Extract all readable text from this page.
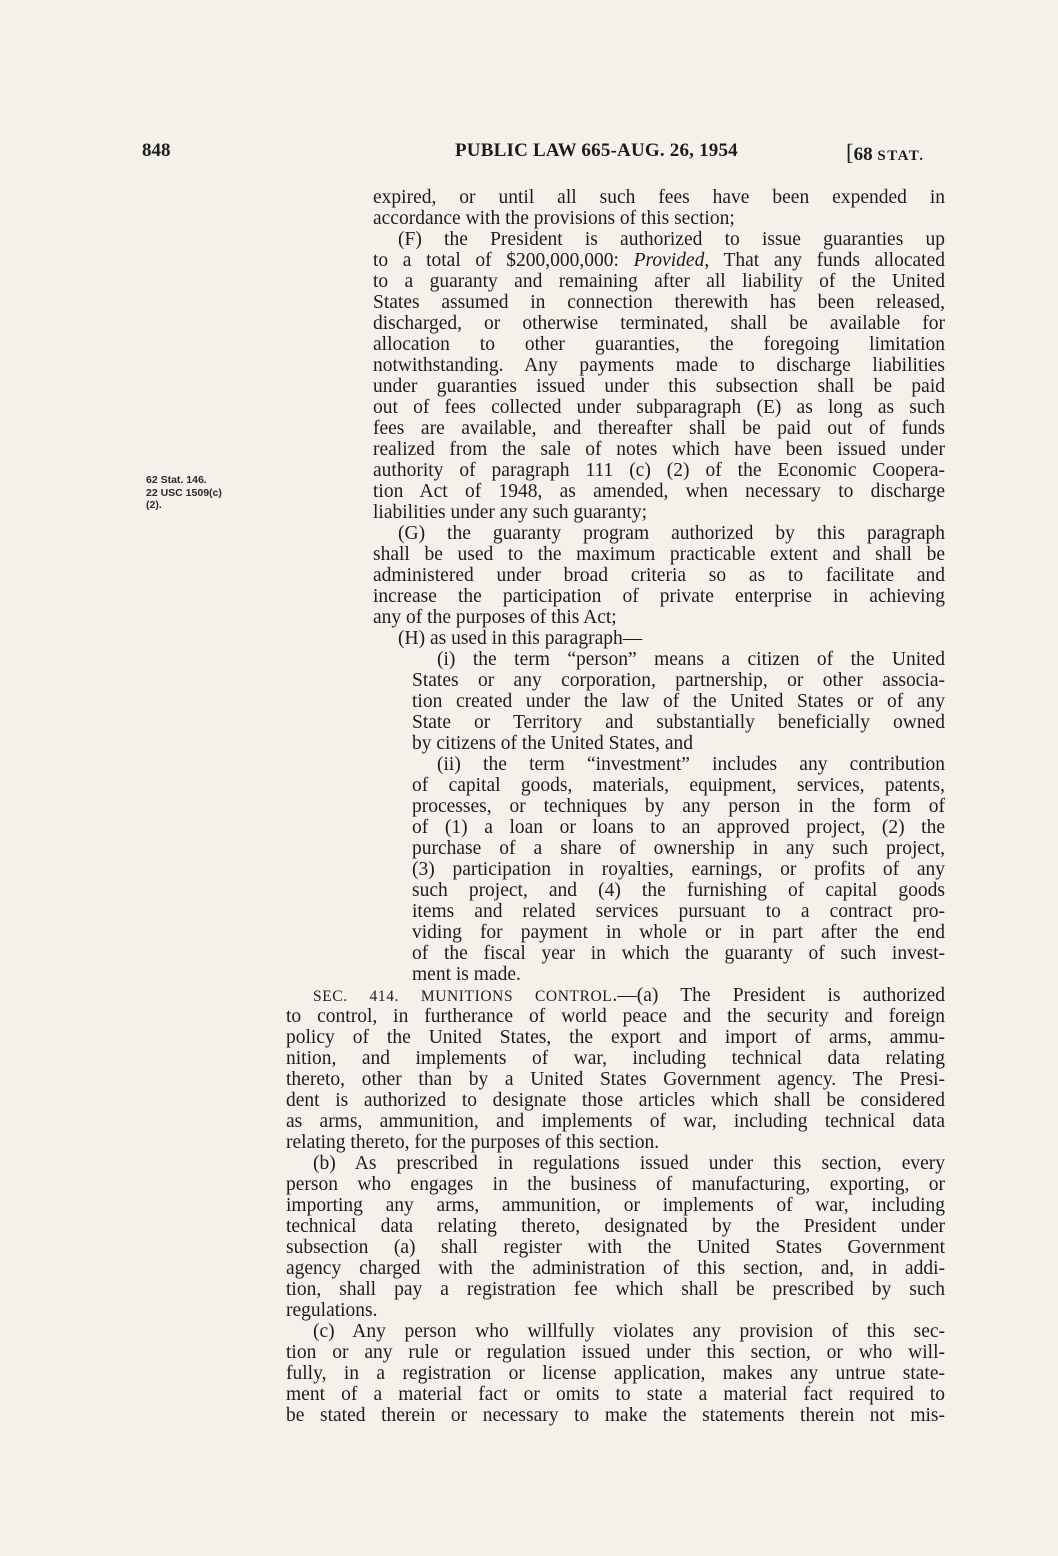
848	PUBLIC LAW 665-AUG. 26, 1954	[68 STAT.
62 Stat. 146.
22 USC 1509(c)
(2).
expired, or until all such fees have been expended in
accordance with the provisions of this section;
(F) the President is authorized to issue guaranties up
to a total of $200,000,000: Provided, That any funds allocated
to a guaranty and remaining after all liability of the United
States assumed in connection therewith has been released,
discharged, or otherwise terminated, shall be available for
allocation to other guaranties, the foregoing limitation
notwithstanding. Any payments made to discharge liabilities
under guaranties issued under this subsection shall be paid
out of fees collected under subparagraph (E) as long as such
fees are available, and thereafter shall be paid out of funds
realized from the sale of notes which have been issued under
authority of paragraph 111 (c) (2) of the Economic Coopera-
tion Act of 1948, as amended, when necessary to discharge
liabilities under any such guaranty;
(G) the guaranty program authorized by this paragraph
shall be used to the maximum practicable extent and shall be
administered under broad criteria so as to facilitate and
increase the participation of private enterprise in achieving
any of the purposes of this Act;
(H) as used in this paragraph—
(i) the term “person” means a citizen of the United
States or any corporation, partnership, or other associa-
tion created under the law of the United States or of any
State or Territory and substantially beneficially owned
by citizens of the United States, and
(ii) the term “investment” includes any contribution
of capital goods, materials, equipment, services, patents,
processes, or techniques by any person in the form of
of (1) a loan or loans to an approved project, (2) the
purchase of a share of ownership in any such project,
(3) participation in royalties, earnings, or profits of any
such project, and (4) the furnishing of capital goods
items and related services pursuant to a contract pro-
viding for payment in whole or in part after the end
of the fiscal year in which the guaranty of such invest-
ment is made.
SEC. 414. MUNITIONS CONTROL.—(a) The President is authorized
to control, in furtherance of world peace and the security and foreign
policy of the United States, the export and import of arms, ammu-
nition, and implements of war, including technical data relating
thereto, other than by a United States Government agency. The Presi-
dent is authorized to designate those articles which shall be considered
as arms, ammunition, and implements of war, including technical data
relating thereto, for the purposes of this section.
(b) As prescribed in regulations issued under this section, every
person who engages in the business of manufacturing, exporting, or
importing any arms, ammunition, or implements of war, including
technical data relating thereto, designated by the President under
subsection (a) shall register with the United States Government
agency charged with the administration of this section, and, in addi-
tion, shall pay a registration fee which shall be prescribed by such
regulations.
(c) Any person who willfully violates any provision of this sec-
tion or any rule or regulation issued under this section, or who will-
fully, in a registration or license application, makes any untrue state-
ment of a material fact or omits to state a material fact required to
be stated therein or necessary to make the statements therein not mis-
